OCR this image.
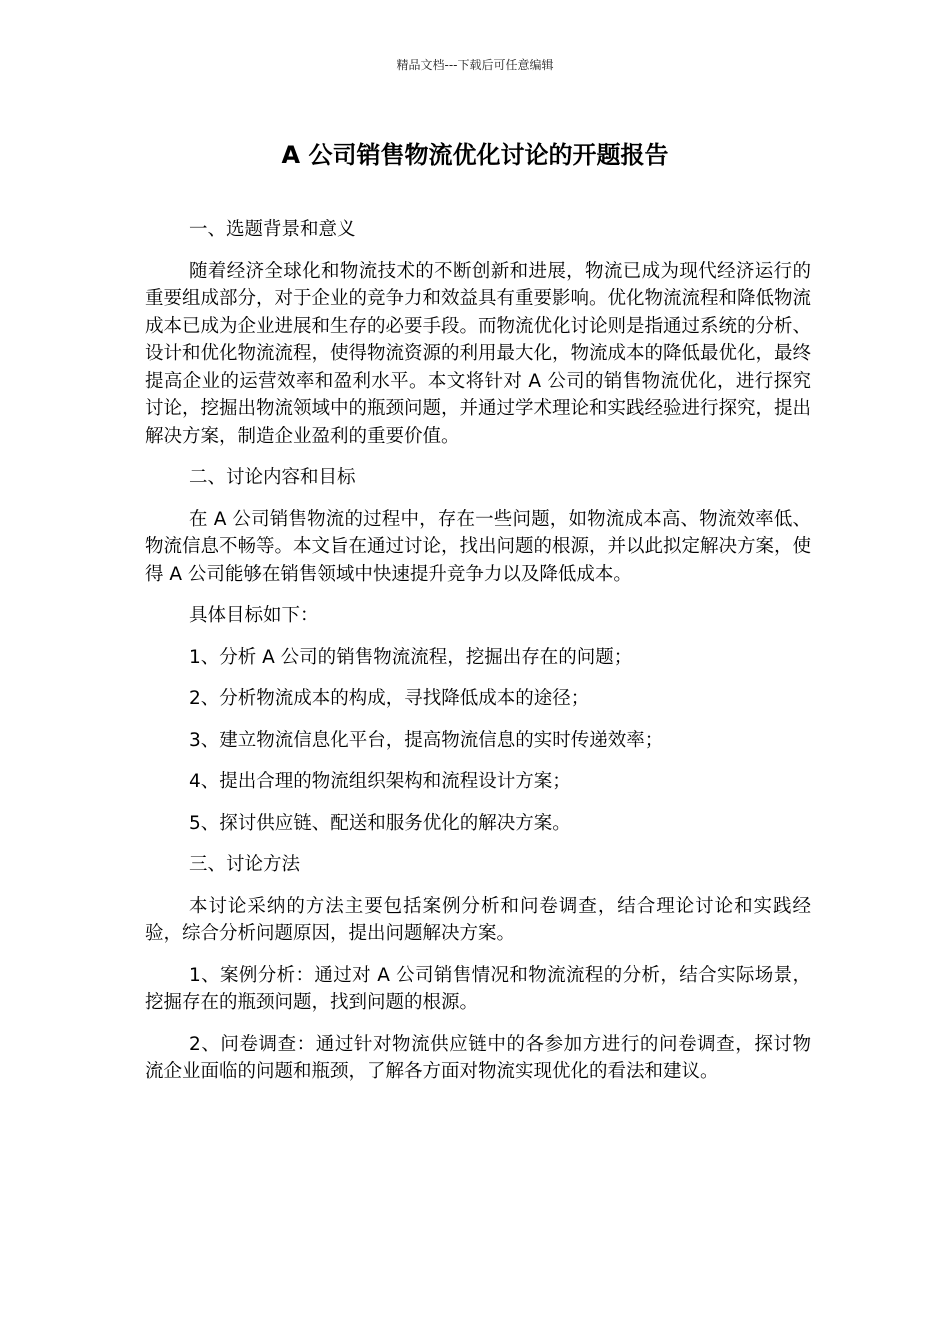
精品文档---下载后可任意编辑
A 公司销售物流优化讨论的开题报告

一、选题背景和意义

随着经济全球化和物流技术的不断创新和进展，物流已成为现代经济运行的重要组成部分，对于企业的竞争力和效益具有重要影响。优化物流流程和降低物流成本已成为企业进展和生存的必要手段。而物流优化讨论则是指通过系统的分析、设计和优化物流流程，使得物流资源的利用最大化，物流成本的降低最优化，最终提高企业的运营效率和盈利水平。本文将针对 A 公司的销售物流优化，进行探究讨论，挖掘出物流领域中的瓶颈问题，并通过学术理论和实践经验进行探究，提出解决方案，制造企业盈利的重要价值。

二、讨论内容和目标

在 A 公司销售物流的过程中，存在一些问题，如物流成本高、物流效率低、物流信息不畅等。本文旨在通过讨论，找出问题的根源，并以此拟定解决方案，使得 A 公司能够在销售领域中快速提升竞争力以及降低成本。

具体目标如下：

1、分析 A 公司的销售物流流程，挖掘出存在的问题；

2、分析物流成本的构成，寻找降低成本的途径；

3、建立物流信息化平台，提高物流信息的实时传递效率；

4、提出合理的物流组织架构和流程设计方案；

5、探讨供应链、配送和服务优化的解决方案。

三、讨论方法

本讨论采纳的方法主要包括案例分析和问卷调查，结合理论讨论和实践经验，综合分析问题原因，提出问题解决方案。

1、案例分析：通过对 A 公司销售情况和物流流程的分析，结合实际场景，挖掘存在的瓶颈问题，找到问题的根源。

2、问卷调查：通过针对物流供应链中的各参加方进行的问卷调查，探讨物流企业面临的问题和瓶颈，了解各方面对物流实现优化的看法和建议。
